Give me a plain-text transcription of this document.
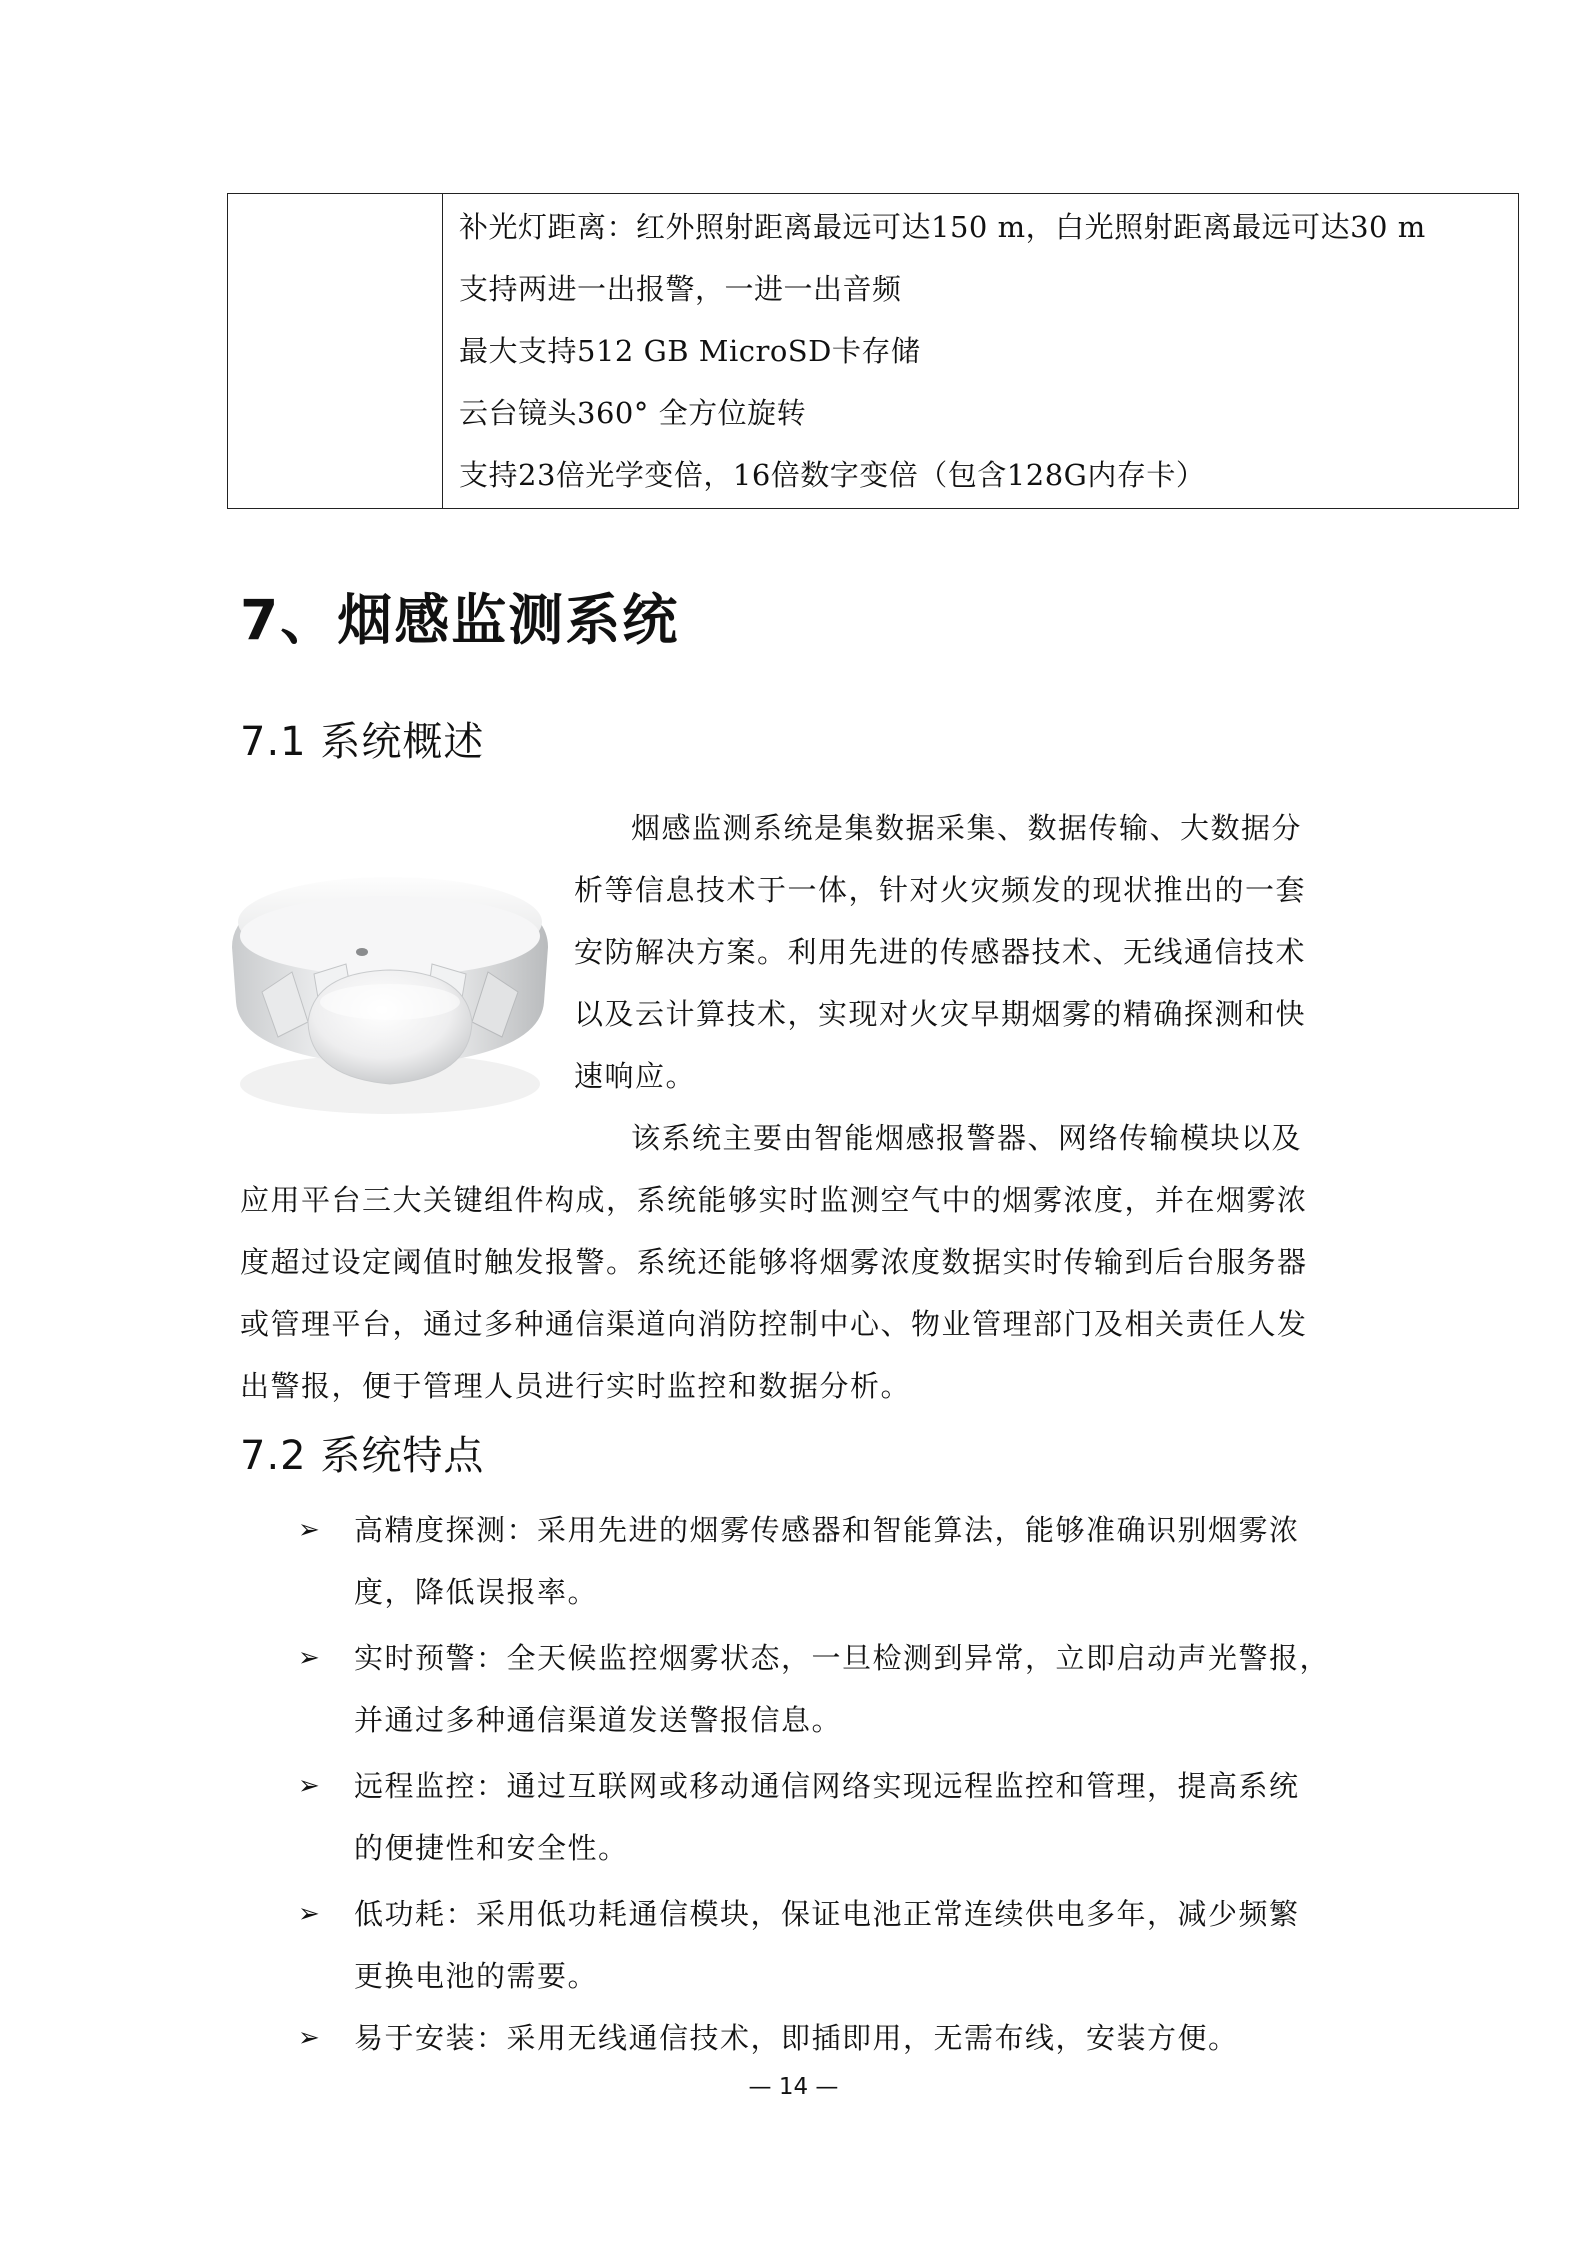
补光灯距离：红外照射距离最远可达150 m，白光照射距离最远可达30 m
支持两进一出报警，一进一出音频
最大支持512 GB MicroSD卡存储
云台镜头360° 全方位旋转
支持23倍光学变倍，16倍数字变倍（包含128G内存卡）
7、烟感监测系统
7.1 系统概述
烟感监测系统是集数据采集、数据传输、大数据分
析等信息技术于一体，针对火灾频发的现状推出的一套
安防解决方案。利用先进的传感器技术、无线通信技术
以及云计算技术，实现对火灾早期烟雾的精确探测和快
速响应。
该系统主要由智能烟感报警器、网络传输模块以及
应用平台三大关键组件构成，系统能够实时监测空气中的烟雾浓度，并在烟雾浓
度超过设定阈值时触发报警。系统还能够将烟雾浓度数据实时传输到后台服务器
或管理平台，通过多种通信渠道向消防控制中心、物业管理部门及相关责任人发
出警报，便于管理人员进行实时监控和数据分析。
7.2 系统特点
➢ 高精度探测：采用先进的烟雾传感器和智能算法，能够准确识别烟雾浓
度，降低误报率。
➢ 实时预警：全天候监控烟雾状态，一旦检测到异常，立即启动声光警报，
并通过多种通信渠道发送警报信息。
➢ 远程监控：通过互联网或移动通信网络实现远程监控和管理，提高系统
的便捷性和安全性。
➢ 低功耗：采用低功耗通信模块，保证电池正常连续供电多年，减少频繁
更换电池的需要。
➢ 易于安装：采用无线通信技术，即插即用，无需布线，安装方便。
— 14 —
